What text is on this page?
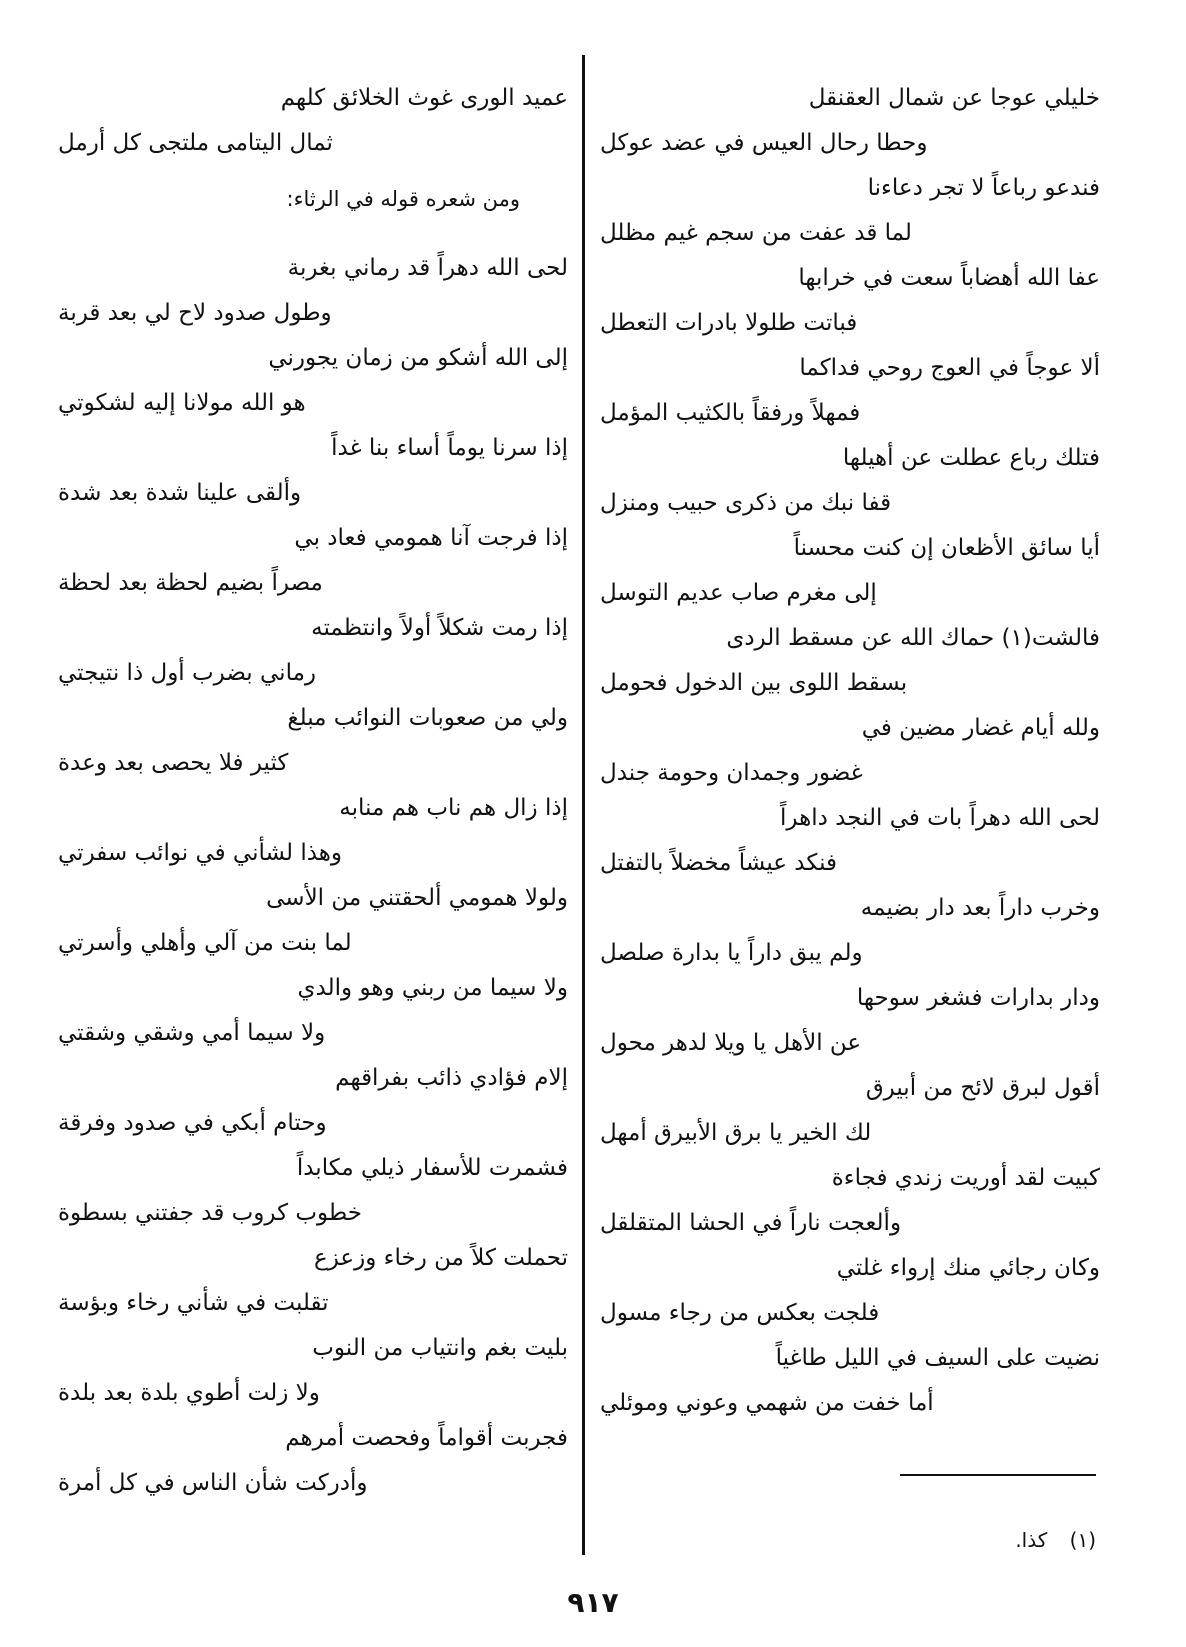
خليلي عوجا عن شمال العقنقل
وحطا رحال العيس في عضد عوكل
فندعو رباعاً لا تجر دعاءنا
لما قد عفت من سجم غيم مظلل
عفا الله أهضاباً سعت في خرابها
فباتت طلولا بادرات التعطل
ألا عوجاً في العوج روحي فداكما
فمهلاً ورفقاً بالكثيب المؤمل
فتلك رباع عطلت عن أهيلها
قفا نبك من ذكرى حبيب ومنزل
أيا سائق الأظعان إن كنت محسناً
إلى مغرم صاب عديم التوسل
فالشت(١) حماك الله عن مسقط الردى
بسقط اللوى بين الدخول فحومل
ولله أيام غضار مضين في
غضور وجمدان وحومة جندل
لحى الله دهراً بات في النجد داهراً
فنكد عيشاً مخضلاً بالتفتل
وخرب داراً بعد دار بضيمه
ولم يبق داراً يا بدارة صلصل
ودار بدارات فشغر سوحها
عن الأهل يا ويلا لدهر محول
أقول لبرق لائح من أبيرق
لك الخير يا برق الأبيرق أمهل
كبيت لقد أوريت زندي فجاءة
وألعجت ناراً في الحشا المتقلقل
وكان رجائي منك إرواء غلتي
فلجت بعكس من رجاء مسول
نضيت على السيف في الليل طاغياً
أما خفت من شهمي وعوني وموئلي
عميد الورى غوث الخلائق كلهم
ثمال اليتامى ملتجى كل أرمل
ومن شعره قوله في الرثاء:
لحى الله دهراً قد رماني بغربة
وطول صدود لاح لي بعد قربة
إلى الله أشكو من زمان يجورني
هو الله مولانا إليه لشكوتي
إذا سرنا يوماً أساء بنا غداً
وألقى علينا شدة بعد شدة
إذا فرجت آنا همومي فعاد بي
مصراً بضيم لحظة بعد لحظة
إذا رمت شكلاً أولاً وانتظمته
رماني بضرب أول ذا نتيجتي
ولي من صعوبات النوائب مبلغ
كثير فلا يحصى بعد وعدة
إذا زال هم ناب هم منابه
وهذا لشأني في نوائب سفرتي
ولولا همومي ألحقتني من الأسى
لما بنت من آلي وأهلي وأسرتي
ولا سيما من ربني وهو والدي
ولا سيما أمي وشقي وشقتي
إلام فؤادي ذائب بفراقهم
وحتام أبكي في صدود وفرقة
فشمرت للأسفار ذيلي مكابداً
خطوب كروب قد جفتني بسطوة
تحملت كلاً من رخاء وزعزع
تقلبت في شأني رخاء وبؤسة
بليت بغم وانتياب من النوب
ولا زلت أطوي بلدة بعد بلدة
فجربت أقواماً وفحصت أمرهم
وأدركت شأن الناس في كل أمرة
(١) كذا.
٩١٧
